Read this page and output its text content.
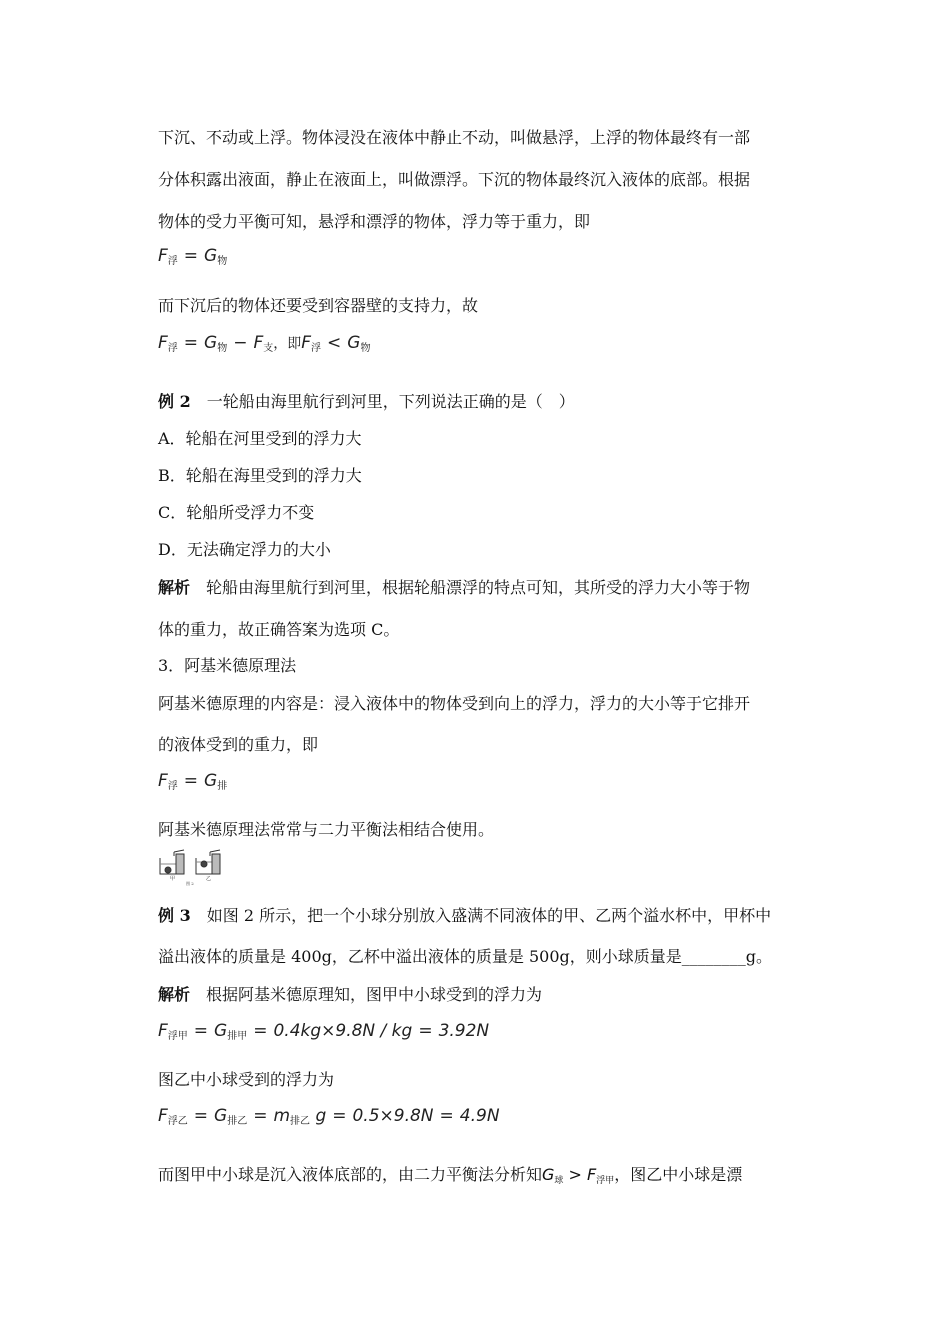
下沉、不动或上浮。物体浸没在液体中静止不动，叫做悬浮，上浮的物体最终有一部
分体积露出液面，静止在液面上，叫做漂浮。下沉的物体最终沉入液体的底部。根据
物体的受力平衡可知，悬浮和漂浮的物体，浮力等于重力，即
$F_浮 = G_物$
而下沉后的物体还要受到容器壁的支持力，故
$F_浮 = G_物 - F_支$，即$F_浮 < G_物$
例 2　 一轮船由海里航行到河里，下列说法正确的是（　）
A．轮船在河里受到的浮力大
B．轮船在海里受到的浮力大
C．轮船所受浮力不变
D．无法确定浮力的大小
解析　 轮船由海里航行到河里，根据轮船漂浮的特点可知，其所受的浮力大小等于物
体的重力，故正确答案为选项 C。
3．阿基米德原理法
阿基米德原理的内容是：浸入液体中的物体受到向上的浮力，浮力的大小等于它排开
的液体受到的重力，即
$F_浮 = G_排$
阿基米德原理法常常与二力平衡法相结合使用。
甲	乙
图 2
例 3　 如图 2 所示，把一个小球分别放入盛满不同液体的甲、乙两个溢水杯中，甲杯中
溢出液体的质量是 400g，乙杯中溢出液体的质量是 500g，则小球质量是________g。
解析　 根据阿基米德原理知，图甲中小球受到的浮力为
$F_{浮甲} = G_{排甲} = 0.4kg\times 9.8N$ / kg = 3.92N
图乙中小球受到的浮力为
$F_{浮乙} = G_{排乙} = m_{排乙}$ g = 0.5×9.8N = 4.9N
而图甲中小球是沉入液体底部的，由二力平衡法分析知$G_球 > F_{浮甲}$，图乙中小球是漂
